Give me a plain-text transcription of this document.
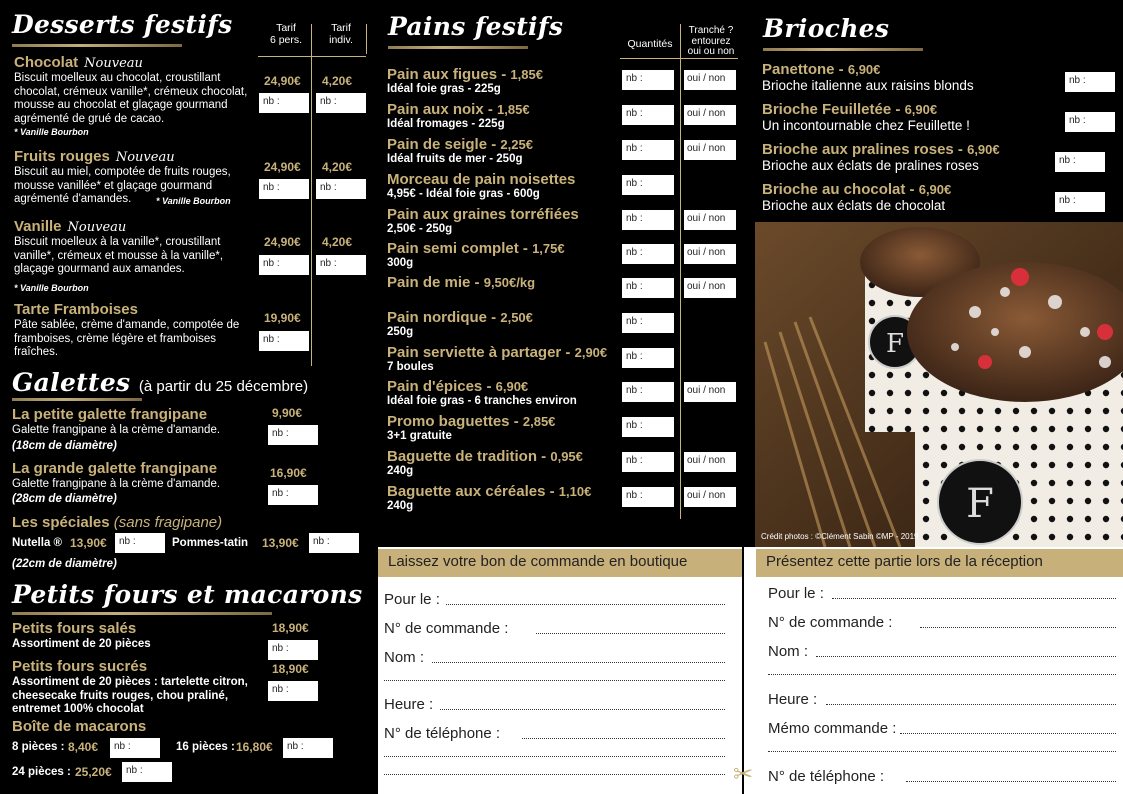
Desserts festifs	Tarif
6 pers.
Tarif
indiv.
Chocolat Nouveau
Biscuit moelleux au chocolat, croustillant chocolat, crémeux vanille*, crémeux chocolat, mousse au chocolat et glaçage gourmand agrémenté de grué de cacao.
* Vanille Bourbon
24,90€ 4,20€
nb :	nb :
Fruits rouges Nouveau
Biscuit au miel, compotée de fruits rouges, mousse vanillée* et glaçage gourmand agrémenté d'amandes.	* Vanille Bourbon
24,90€ 4,20€
nb :	nb :
Vanille Nouveau
Biscuit moelleux à la vanille*, croustillant vanille*, crémeux et mousse à la vanille*, glaçage gourmand aux amandes.
* Vanille Bourbon
24,90€ 4,20€
nb :	nb :
Tarte Framboises
Pâte sablée, crème d'amande, compotée de framboises, crème légère et framboises fraîches.
19,90€
nb :
Galettes (à partir du 25 décembre)
La petite galette frangipane
Galette frangipane à la crème d'amande.
(18cm de diamètre)
9,90€
nb :
La grande galette frangipane
Galette frangipane à la crème d'amande.
(28cm de diamètre)
16,90€
nb :
Les spéciales (sans fragipane)
Nutella ® 13,90€	nb :	Pommes-tatin 13,90€	nb :
(22cm de diamètre)
Petits fours et macarons
Petits fours salés
Assortiment de 20 pièces
18,90€
nb :
Petits fours sucrés
Assortiment de 20 pièces : tartelette citron, cheesecake fruits rouges, chou praliné, entremet 100% chocolat
18,90€
nb :
Boîte de macarons
8 pièces : 8,40€	nb :	16 pièces : 16,80€	nb :
24 pièces : 25,20€	nb :
Pains festifs
Quantités
Tranché ?
entourez
oui ou non
Pain aux figues - 1,85€
Idéal foie gras - 225g
nb :	oui / non
Pain aux noix - 1,85€
Idéal fromages - 225g
nb :	oui / non
Pain de seigle - 2,25€
Idéal fruits de mer - 250g
nb :	oui / non
Morceau de pain noisettes
4,95€ - Idéal foie gras - 600g
nb :
Pain aux graines torréfiées
2,50€ - 250g
nb :	oui / non
Pain semi complet - 1,75€
300g
nb :	oui / non
Pain de mie - 9,50€/kg	nb :	oui / non
Pain nordique - 2,50€
250g
nb :
Pain serviette à partager - 2,90€
7 boules
nb :
Pain d'épices - 6,90€
Idéal foie gras - 6 tranches environ
nb :	oui / non
Promo baguettes - 2,85€
3+1 gratuite
nb :
Baguette de tradition - 0,95€
240g
nb :	oui / non
Baguette aux céréales - 1,10€
240g
nb :	oui / non
Brioches
Panettone - 6,90€
Brioche italienne aux raisins blonds	nb :
Brioche Feuilletée - 6,90€
Un incontournable chez Feuillette !	nb :
Brioche aux pralines roses - 6,90€
Brioche aux éclats de pralines roses	nb :
Brioche au chocolat - 6,90€
Brioche aux éclats de chocolat	nb :
F
F
Crédit photos : ©Clément Sabin ©MP - 2019
Laissez votre bon de commande en boutique	Présentez cette partie lors de la réception
Pour le :
N° de commande :
Nom :
Heure :
N° de téléphone :
✂
Pour le :
N° de commande :
Nom :
Heure :
Mémo commande :
N° de téléphone :
